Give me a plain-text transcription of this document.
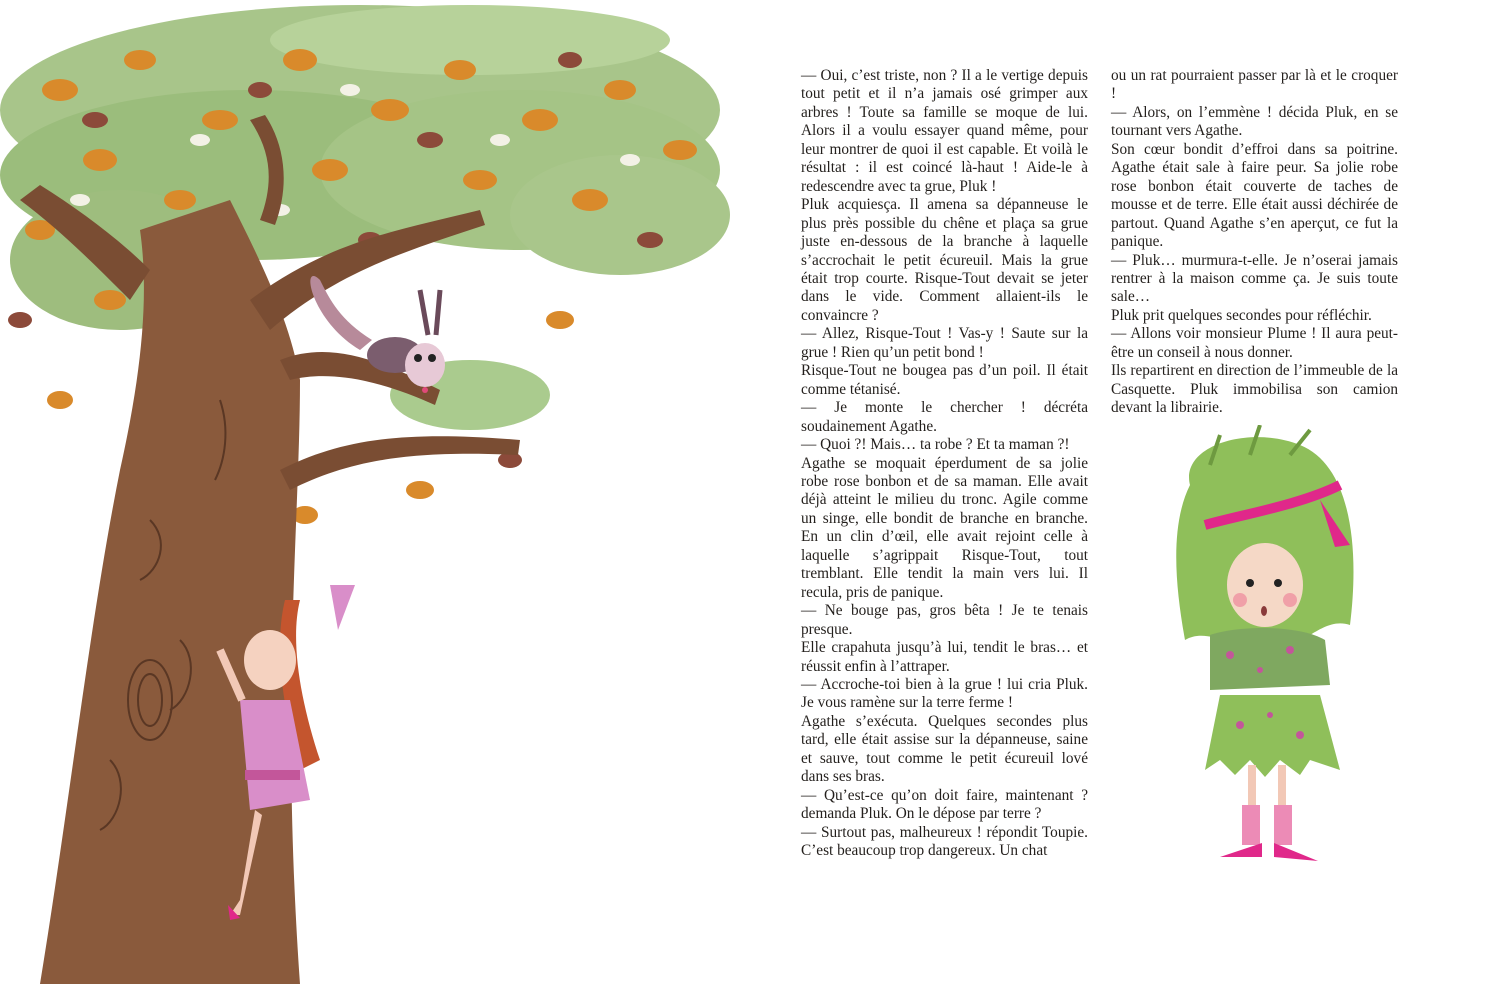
— Oui, c’est triste, non ? Il a le vertige depuis tout petit et il n’a jamais osé grimper aux arbres ! Toute sa famille se moque de lui. Alors il a voulu essayer quand même, pour leur montrer de quoi il est capable. Et voilà le résultat : il est coincé là-haut ! Aide-le à redescendre avec ta grue, Pluk !

Pluk acquiesça. Il amena sa dépanneuse le plus près possible du chêne et plaça sa grue juste en-dessous de la branche à laquelle s’accrochait le petit écureuil. Mais la grue était trop courte. Risque-Tout devait se jeter dans le vide. Comment allaient-ils le convaincre ?

— Allez, Risque-Tout ! Vas-y ! Saute sur la grue ! Rien qu’un petit bond !

Risque-Tout ne bougea pas d’un poil. Il était comme tétanisé.

— Je monte le chercher ! décréta soudainement Agathe.

— Quoi ?! Mais… ta robe ? Et ta maman ?!

Agathe se moquait éperdument de sa jolie robe rose bonbon et de sa maman. Elle avait déjà atteint le milieu du tronc. Agile comme un singe, elle bondit de branche en branche. En un clin d’œil, elle avait rejoint celle à laquelle s’agrippait Risque-Tout, tout tremblant. Elle tendit la main vers lui. Il recula, pris de panique.

— Ne bouge pas, gros bêta ! Je te tenais presque.

Elle crapahuta jusqu’à lui, tendit le bras… et réussit enfin à l’attraper.

— Accroche-toi bien à la grue ! lui cria Pluk. Je vous ramène sur la terre ferme !

Agathe s’exécuta. Quelques secondes plus tard, elle était assise sur la dépanneuse, saine et sauve, tout comme le petit écureuil lové dans ses bras.

— Qu’est-ce qu’on doit faire, maintenant ? demanda Pluk. On le dépose par terre ?

— Surtout pas, malheureux ! répondit Toupie. C’est beaucoup trop dangereux. Un chat

ou un rat pourraient passer par là et le croquer !

— Alors, on l’emmène ! décida Pluk, en se tournant vers Agathe.

Son cœur bondit d’effroi dans sa poitrine. Agathe était sale à faire peur. Sa jolie robe rose bonbon était couverte de taches de mousse et de terre. Elle était aussi déchirée de partout. Quand Agathe s’en aperçut, ce fut la panique.

— Pluk… murmura-t-elle. Je n’oserai jamais rentrer à la maison comme ça. Je suis toute sale…

Pluk prit quelques secondes pour réfléchir.

— Allons voir monsieur Plume ! Il aura peut-être un conseil à nous donner.

Ils repartirent en direction de l’immeuble de la Casquette. Pluk immobilisa son camion devant la librairie.
